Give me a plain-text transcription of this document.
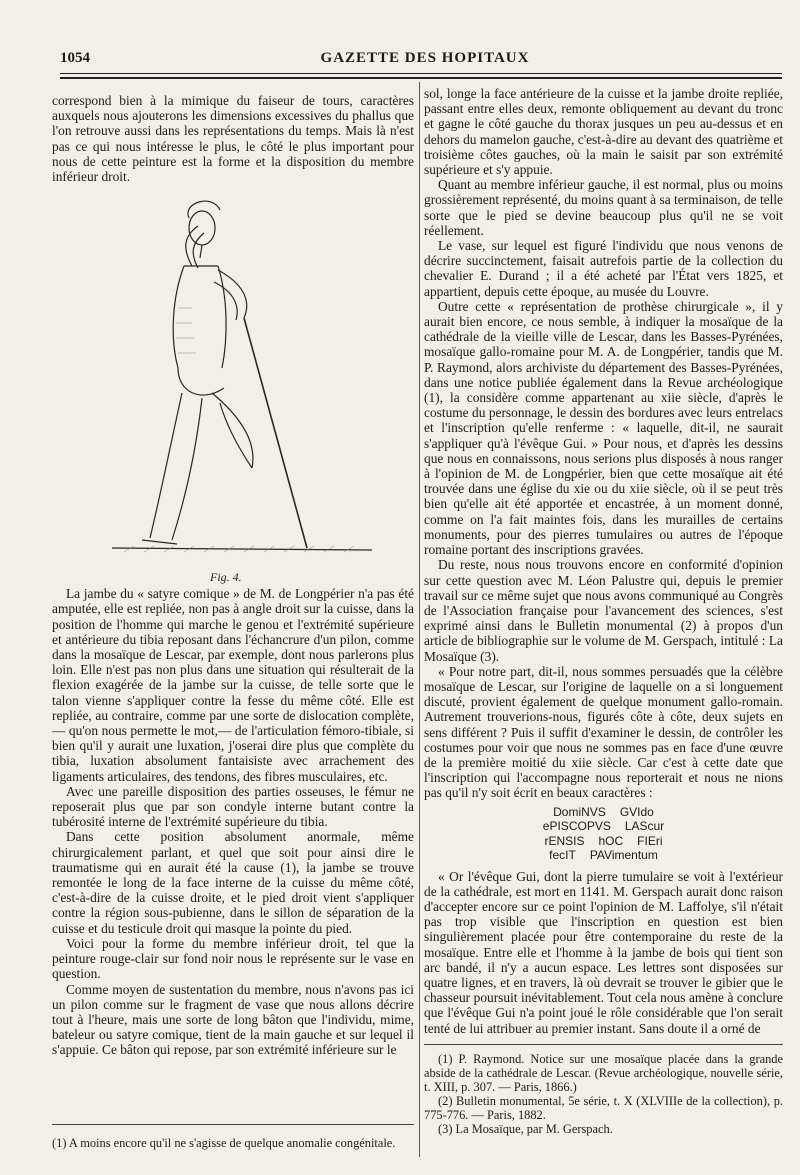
1054	GAZETTE DES HOPITAUX

correspond bien à la mimique du faiseur de tours, caractères auxquels nous ajouterons les dimensions excessives du phallus que l'on retrouve aussi dans les représentations du temps. Mais là n'est pas ce qui nous intéresse le plus, le côté le plus important pour nous de cette peinture est la forme et la disposition du membre inférieur droit.

Fig. 4.

La jambe du « satyre comique » de M. de Longpérier n'a pas été amputée, elle est repliée, non pas à angle droit sur la cuisse, dans la position de l'homme qui marche le genou et l'extrémité supérieure et antérieure du tibia reposant dans l'échancrure d'un pilon, comme dans la mosaïque de Lescar, par exemple, dont nous parlerons plus loin. Elle n'est pas non plus dans une situation qui résulterait de la flexion exagérée de la jambe sur la cuisse, de telle sorte que le talon vienne s'appliquer contre la fesse du même côté. Elle est repliée, au contraire, comme par une sorte de dislocation complète,— qu'on nous permette le mot,— de l'articulation fémoro-tibiale, si bien qu'il y aurait une luxation, j'oserai dire plus que complète du tibia, luxation absolument fantaisiste avec arrachement des ligaments articulaires, des tendons, des fibres musculaires, etc.

Avec une pareille disposition des parties osseuses, le fémur ne reposerait plus que par son condyle interne butant contre la tubérosité interne de l'extrémité supérieure du tibia.

Dans cette position absolument anormale, même chirurgicalement parlant, et quel que soit pour ainsi dire le traumatisme qui en aurait été la cause (1), la jambe se trouve remontée le long de la face interne de la cuisse du même côté, c'est-à-dire de la cuisse droite, et le pied droit vient s'appliquer contre la région sous-pubienne, dans le sillon de séparation de la cuisse et du testicule droit qui masque la pointe du pied.

Voici pour la forme du membre inférieur droit, tel que la peinture rouge-clair sur fond noir nous le représente sur le vase en question.

Comme moyen de sustentation du membre, nous n'avons pas ici un pilon comme sur le fragment de vase que nous allons décrire tout à l'heure, mais une sorte de long bâton que l'individu, mime, bateleur ou satyre comique, tient de la main gauche et sur lequel il s'appuie. Ce bâton qui repose, par son extrémité inférieure sur le

(1) A moins encore qu'il ne s'agisse de quelque anomalie congénitale.

sol, longe la face antérieure de la cuisse et la jambe droite repliée, passant entre elles deux, remonte obliquement au devant du tronc et gagne le côté gauche du thorax jusques un peu au-dessus et en dehors du mamelon gauche, c'est-à-dire au devant des quatrième et troisième côtes gauches, où la main le saisit par son extrémité supérieure et s'y appuie.

Quant au membre inférieur gauche, il est normal, plus ou moins grossièrement représenté, du moins quant à sa terminaison, de telle sorte que le pied se devine beaucoup plus qu'il ne se voit réellement.

Le vase, sur lequel est figuré l'individu que nous venons de décrire succinctement, faisait autrefois partie de la collection du chevalier E. Durand ; il a été acheté par l'État vers 1825, et appartient, depuis cette époque, au musée du Louvre.

Outre cette « représentation de prothèse chirurgicale », il y aurait bien encore, ce nous semble, à indiquer la mosaïque de la cathédrale de la vieille ville de Lescar, dans les Basses-Pyrénées, mosaïque gallo-romaine pour M. A. de Longpérier, tandis que M. P. Raymond, alors archiviste du département des Basses-Pyrénées, dans une notice publiée également dans la Revue archéologique (1), la considère comme appartenant au xiie siècle, d'après le costume du personnage, le dessin des bordures avec leurs entrelacs et l'inscription qu'elle renferme : « laquelle, dit-il, ne saurait s'appliquer qu'à l'évêque Gui. » Pour nous, et d'après les dessins que nous en connaissons, nous serions plus disposés à nous ranger à l'opinion de M. de Longpérier, bien que cette mosaïque ait été trouvée dans une église du xie ou du xiie siècle, où il se peut très bien qu'elle ait été apportée et encastrée, à un moment donné, comme on l'a fait maintes fois, dans les murailles de certains monuments, pour des pierres tumulaires ou autres de l'époque romaine portant des inscriptions gravées.

Du reste, nous nous trouvons encore en conformité d'opinion sur cette question avec M. Léon Palustre qui, depuis le premier travail sur ce même sujet que nous avons communiqué au Congrès de l'Association française pour l'avancement des sciences, s'est exprimé ainsi dans le Bulletin monumental (2) à propos d'un article de bibliographie sur le volume de M. Gerspach, intitulé : La Mosaïque (3).

« Pour notre part, dit-il, nous sommes persuadés que la célèbre mosaïque de Lescar, sur l'origine de laquelle on a si longuement discuté, provient également de quelque monument gallo-romain. Autrement trouverions-nous, figurés côte à côte, deux sujets en sens différent ? Puis il suffit d'examiner le dessin, de contrôler les costumes pour voir que nous ne sommes pas en face d'une œuvre de la première moitié du xiie siècle. Car c'est à cette date que l'inscription qui l'accompagne nous reporterait et nous ne nions pas qu'il n'y soit écrit en beaux caractères :

DomiNVS GVIdo
ePISCOPVS LAScur
rENSIS hOC FIEri
fecIT PAVimentum

« Or l'évêque Gui, dont la pierre tumulaire se voit à l'extérieur de la cathédrale, est mort en 1141. M. Gerspach aurait donc raison d'accepter encore sur ce point l'opinion de M. Laffolye, s'il n'était pas trop visible que l'inscription en question est bien singulièrement placée pour être contemporaine du reste de la mosaïque. Entre elle et l'homme à la jambe de bois qui tient son arc bandé, il n'y a aucun espace. Les lettres sont disposées sur quatre lignes, et en travers, là où devrait se trouver le gibier que le chasseur poursuit inévitablement. Tout cela nous amène à conclure que l'évêque Gui n'a point joué le rôle considérable que l'on serait tenté de lui attribuer au premier instant. Sans doute il a orné de

(1) P. Raymond. Notice sur une mosaïque placée dans la grande abside de la cathédrale de Lescar. (Revue archéologique, nouvelle série, t. XIII, p. 307. — Paris, 1866.)

(2) Bulletin monumental, 5e série, t. X (XLVIIIe de la collection), p. 775-776. — Paris, 1882.

(3) La Mosaïque, par M. Gerspach.
